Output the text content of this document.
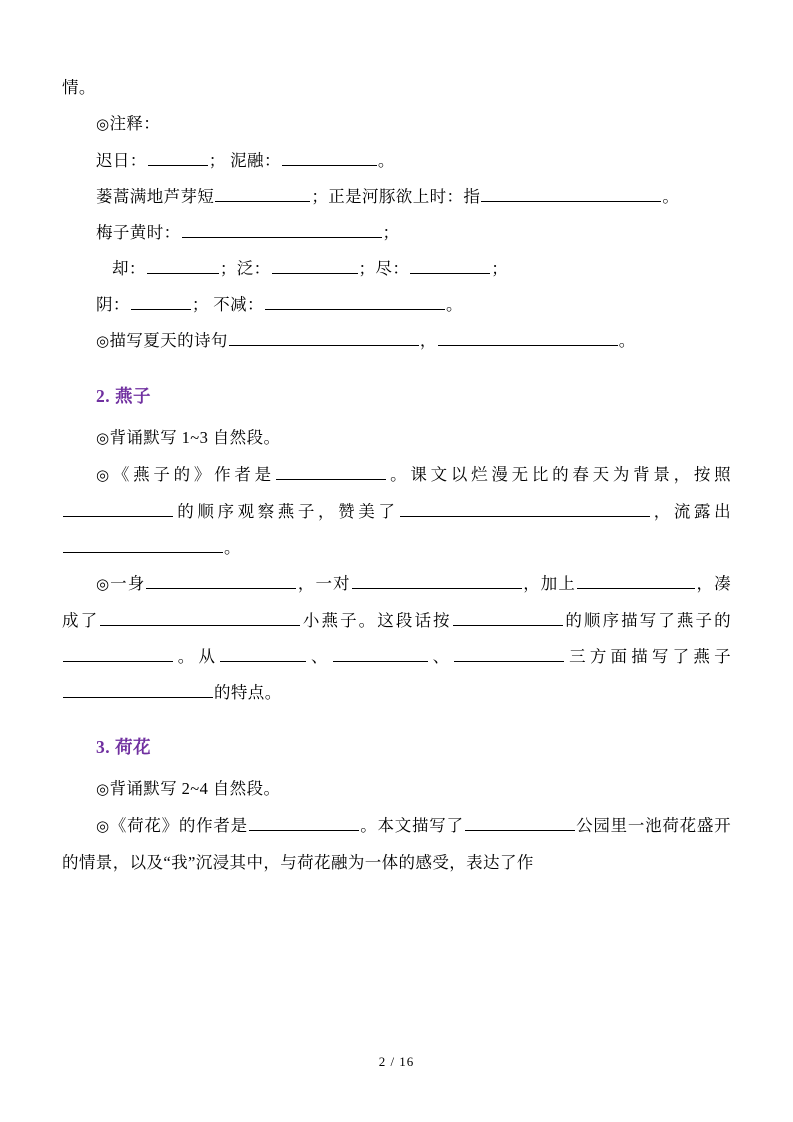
情。

◎注释：

迟日：	； 泥融：	。

蒌蒿满地芦芽短	；正是河豚欲上时：指	。

梅子黄时：	；

却：	；泛：	；尽：	；

阴：	； 不减：	。

◎描写夏天的诗句	，	。

2. 燕子

◎背诵默写 1~3 自然段。

◎《燕子的》作者是	。课文以烂漫无比的春天为背景，按照的顺序观察燕子，赞美了	，流露出。

◎一身	，一对	，加上	，凑成了	小燕子。这段话按	的顺序描写了燕子的。从	、	、	三方面描写了燕子的特点。

3. 荷花

◎背诵默写 2~4 自然段。

◎《荷花》的作者是	。本文描写了	公园里一池荷花盛开的情景，以及“我”沉浸其中，与荷花融为一体的感受，表达了作

2 / 16
